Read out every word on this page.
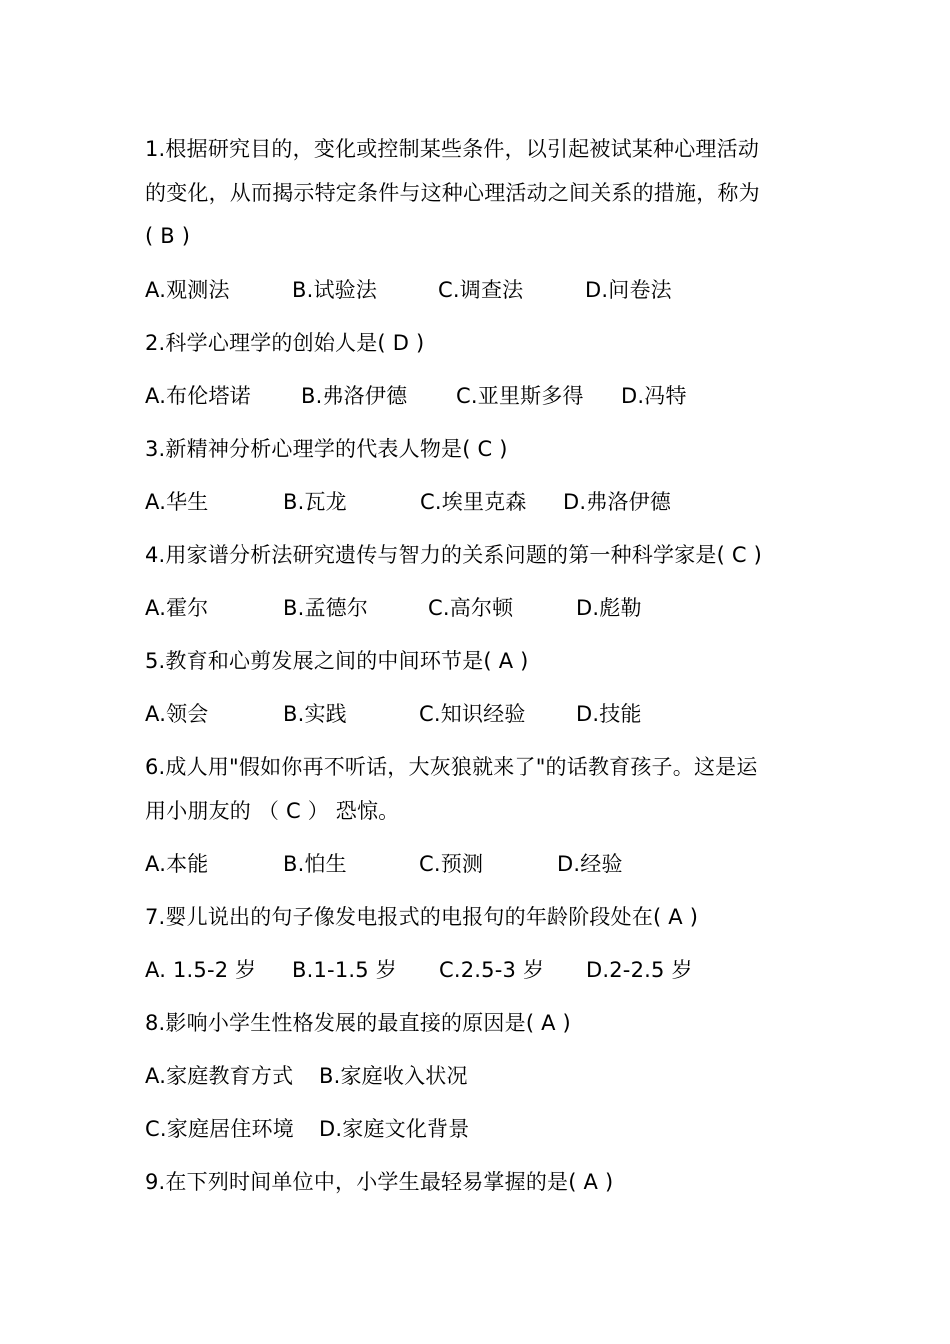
1.根据研究目的，变化或控制某些条件，以引起被试某种心理活动
的变化，从而揭示特定条件与这种心理活动之间关系的措施，称为
( B )
A.观测法	B.试验法	C.调查法	D.问卷法
2.科学心理学的创始人是( D )
A.布伦塔诺 B.弗洛伊德 C.亚里斯多得 D.冯特
3.新精神分析心理学的代表人物是( C )
A.华生	B.瓦龙	C.埃里克森 D.弗洛伊德
4.用家谱分析法研究遗传与智力的关系问题的第一种科学家是( C )
A.霍尔	B.孟德尔	C.高尔顿	D.彪勒
5.教育和心剪发展之间的中间环节是( A )
A.领会	B.实践	C.知识经验 D.技能
6.成人用"假如你再不听话，大灰狼就来了"的话教育孩子。这是运
用小朋友的 （ C ） 恐惊。
A.本能	B.怕生	C.预测	D.经验
7.婴儿说出的句子像发电报式的电报句的年龄阶段处在( A )
A. 1.5-2 岁 B.1-1.5 岁 C.2.5-3 岁 D.2-2.5 岁
8.影响小学生性格发展的最直接的原因是( A )
A.家庭教育方式 B.家庭收入状况
C.家庭居住环境 D.家庭文化背景
9.在下列时间单位中，小学生最轻易掌握的是( A )
